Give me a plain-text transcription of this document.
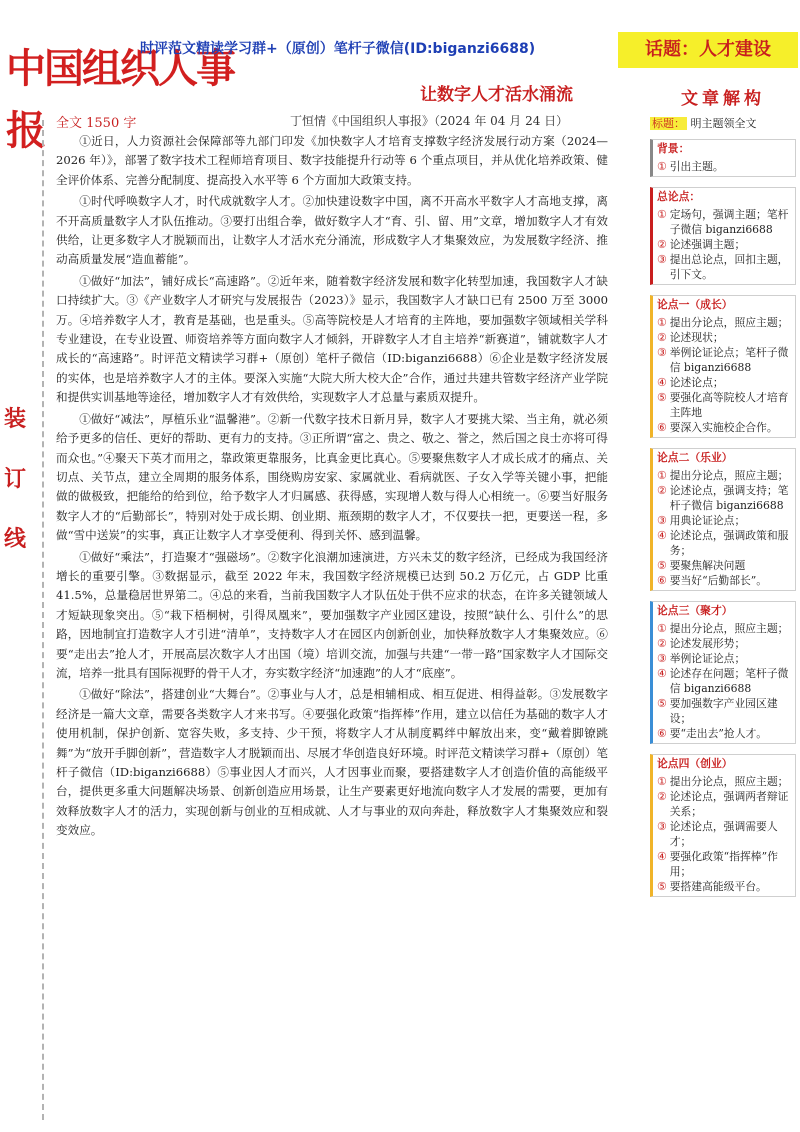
中国组织人事报
时评范文精读学习群+（原创）笔杆子微信(ID:biganzi6688)	话题：人才建设
让数字人才活水涌流
全文 1550 字	丁恒情《中国组织人事报》（2024 年 04 月 24 日）
装
订
线

①近日，人力资源社会保障部等九部门印发《加快数字人才培育支撑数字经济发展行动方案（2024—2026 年）》，部署了数字技术工程师培育项目、数字技能提升行动等 6 个重点项目，并从优化培养政策、健全评价体系、完善分配制度、提高投入水平等 6 个方面加大政策支持。

①时代呼唤数字人才，时代成就数字人才。②加快建设数字中国，离不开高水平数字人才高地支撑，离不开高质量数字人才队伍推动。③要打出组合拳，做好数字人才“育、引、留、用”文章，增加数字人才有效供给，让更多数字人才脱颖而出，让数字人才活水充分涌流，形成数字人才集聚效应，为发展数字经济、推动高质量发展“造血蓄能”。

①做好“加法”，铺好成长“高速路”。②近年来，随着数字经济发展和数字化转型加速，我国数字人才缺口持续扩大。③《产业数字人才研究与发展报告（2023）》显示，我国数字人才缺口已有 2500 万至 3000 万。④培养数字人才，教育是基础，也是重头。⑤高等院校是人才培育的主阵地，要加强数字领域相关学科专业建设，在专业设置、师资培养等方面向数字人才倾斜，开辟数字人才自主培养“新赛道”，铺就数字人才成长的“高速路”。时评范文精读学习群+（原创）笔杆子微信（ID:biganzi6688）⑥企业是数字经济发展的实体，也是培养数字人才的主体。要深入实施“大院大所大校大企”合作，通过共建共管数字经济产业学院和提供实训基地等途径，增加数字人才有效供给，实现数字人才总量与素质双提升。

①做好“减法”，厚植乐业“温馨港”。②新一代数字技术日新月异，数字人才要挑大梁、当主角，就必须给予更多的信任、更好的帮助、更有力的支持。③正所谓“富之、贵之、敬之、誉之，然后国之良士亦将可得而众也。”④聚天下英才而用之，靠政策更靠服务，比真金更比真心。⑤要聚焦数字人才成长成才的痛点、关切点、关节点，建立全周期的服务体系，围绕购房安家、家属就业、看病就医、子女入学等关键小事，把能做的做极致，把能给的给到位，给予数字人才归属感、获得感，实现增人数与得人心相统一。⑥要当好服务数字人才的“后勤部长”，特别对处于成长期、创业期、瓶颈期的数字人才，不仅要扶一把，更要送一程，多做“雪中送炭”的实事，真正让数字人才享受便利、得到关怀、感到温馨。

①做好“乘法”，打造聚才“强磁场”。②数字化浪潮加速演进，方兴未艾的数字经济，已经成为我国经济增长的重要引擎。③数据显示，截至 2022 年末，我国数字经济规模已达到 50.2 万亿元，占 GDP 比重 41.5%，总量稳居世界第二。④总的来看，当前我国数字人才队伍处于供不应求的状态，在许多关键领域人才短缺现象突出。⑤“栽下梧桐树，引得凤凰来”，要加强数字产业园区建设，按照“缺什么、引什么”的思路，因地制宜打造数字人才引进“清单”，支持数字人才在园区内创新创业，加快释放数字人才集聚效应。⑥要“走出去”抢人才，开展高层次数字人才出国（境）培训交流，加强与共建“一带一路”国家数字人才国际交流，培养一批具有国际视野的骨干人才，夯实数字经济“加速跑”的人才“底座”。

①做好“除法”，搭建创业“大舞台”。②事业与人才，总是相辅相成、相互促进、相得益彰。③发展数字经济是一篇大文章，需要各类数字人才来书写。④要强化政策“指挥棒”作用，建立以信任为基础的数字人才使用机制，保护创新、宽容失败，多支持、少干预，将数字人才从制度羁绊中解放出来，变“戴着脚镣跳舞”为“放开手脚创新”，营造数字人才脱颖而出、尽展才华创造良好环境。时评范文精读学习群+（原创）笔杆子微信（ID:biganzi6688）⑤事业因人才而兴，人才因事业而聚，要搭建数字人才创造价值的高能级平台，提供更多重大问题解决场景、创新创造应用场景，让生产要素更好地流向数字人才发展的需要，更加有效释放数字人才的活力，实现创新与创业的互相成就、人才与事业的双向奔赴，释放数字人才集聚效应和裂变效应。

文章解构
标题： 明主题领全文
背景：
① 引出主题。
总论点：
① 定场句，强调主题；笔杆子微信 biganzi6688
② 论述强调主题；
③ 提出总论点，回扣主题，引下文。
论点一（成长）
① 提出分论点，照应主题；
② 论述现状；
③ 举例论证论点；笔杆子微信 biganzi6688
④ 论述论点；
⑤ 要强化高等院校人才培育主阵地
⑥ 要深入实施校企合作。
论点二（乐业）
① 提出分论点，照应主题；
② 论述论点，强调支持；笔杆子微信 biganzi6688
③ 用典论证论点；
④ 论述论点，强调政策和服务；
⑤ 要聚焦解决问题
⑥ 要当好“后勤部长”。
论点三（聚才）
① 提出分论点，照应主题；
② 论述发展形势；
③ 举例论证论点；
④ 论述存在问题；笔杆子微信 biganzi6688
⑤ 要加强数字产业园区建设；
⑥ 要“走出去”抢人才。
论点四（创业）
① 提出分论点，照应主题；
② 论述论点，强调两者辩证关系；
③ 论述论点，强调需要人才；
④ 要强化政策“指挥棒”作用；
⑤ 要搭建高能级平台。
